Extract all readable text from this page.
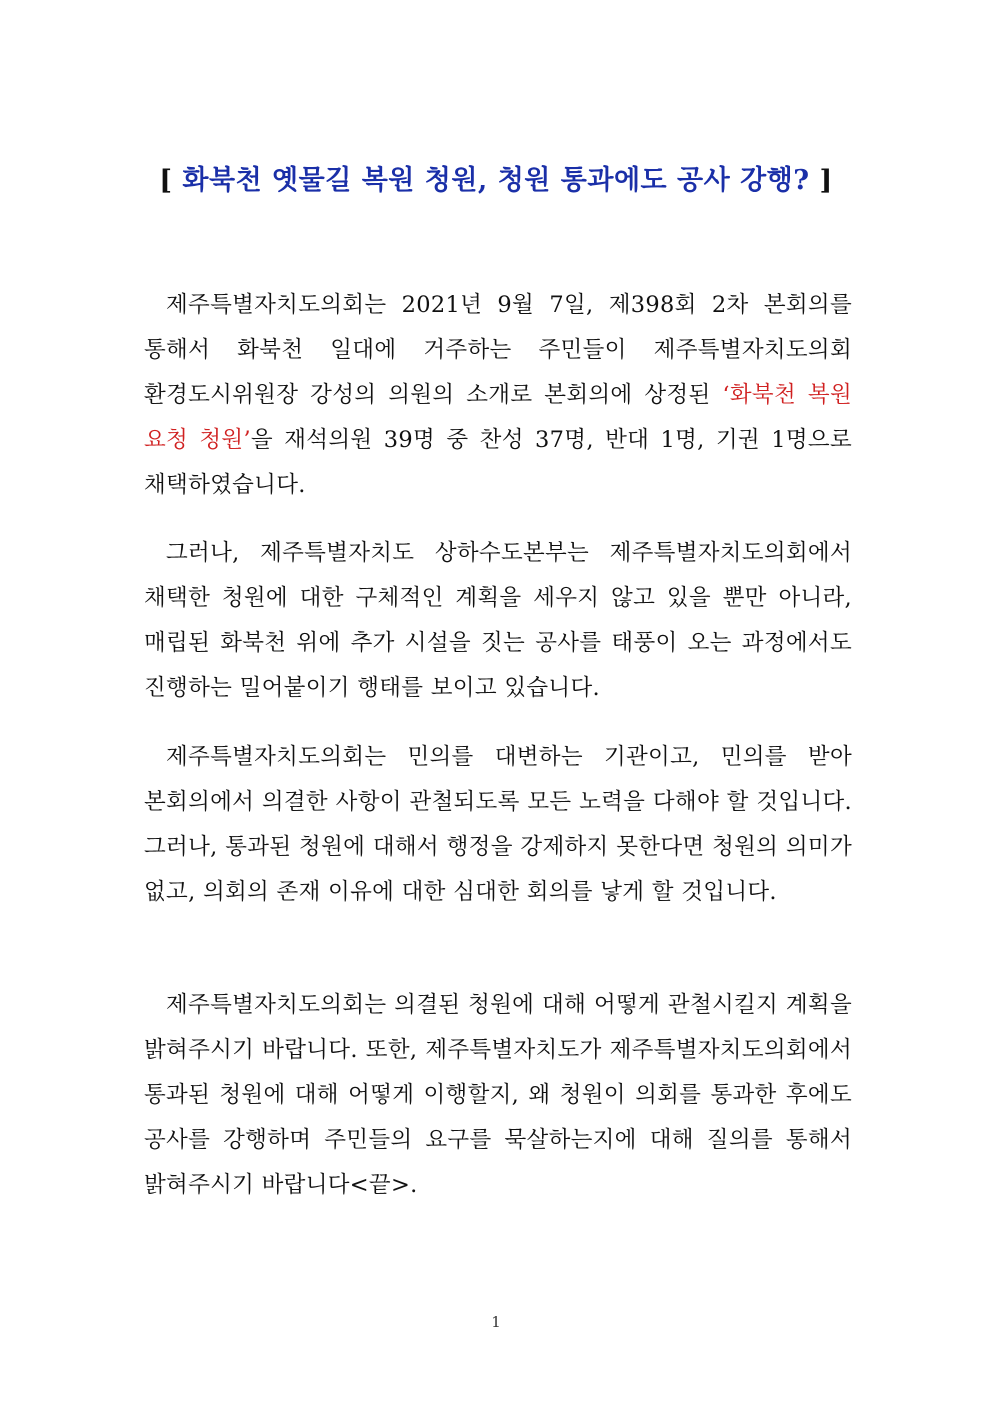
[ 화북천 옛물길 복원 청원, 청원 통과에도 공사 강행? ]
제주특별자치도의회는 2021년 9월 7일, 제398회 2차 본회의를 통해서 화북천 일대에 거주하는 주민들이 제주특별자치도의회 환경도시위원장 강성의 의원의 소개로 본회의에 상정된 ‘화북천 복원 요청 청원’을 재석의원 39명 중 찬성 37명, 반대 1명, 기권 1명으로 채택하였습니다.
그러나, 제주특별자치도 상하수도본부는 제주특별자치도의회에서 채택한 청원에 대한 구체적인 계획을 세우지 않고 있을 뿐만 아니라, 매립된 화북천 위에 추가 시설을 짓는 공사를 태풍이 오는 과정에서도 진행하는 밀어붙이기 행태를 보이고 있습니다.
제주특별자치도의회는 민의를 대변하는 기관이고, 민의를 받아 본회의에서 의결한 사항이 관철되도록 모든 노력을 다해야 할 것입니다. 그러나, 통과된 청원에 대해서 행정을 강제하지 못한다면 청원의 의미가 없고, 의회의 존재 이유에 대한 심대한 회의를 낳게 할 것입니다.
제주특별자치도의회는 의결된 청원에 대해 어떻게 관철시킬지 계획을 밝혀주시기 바랍니다. 또한, 제주특별자치도가 제주특별자치도의회에서 통과된 청원에 대해 어떻게 이행할지, 왜 청원이 의회를 통과한 후에도 공사를 강행하며 주민들의 요구를 묵살하는지에 대해 질의를 통해서 밝혀주시기 바랍니다<끝>.
1
